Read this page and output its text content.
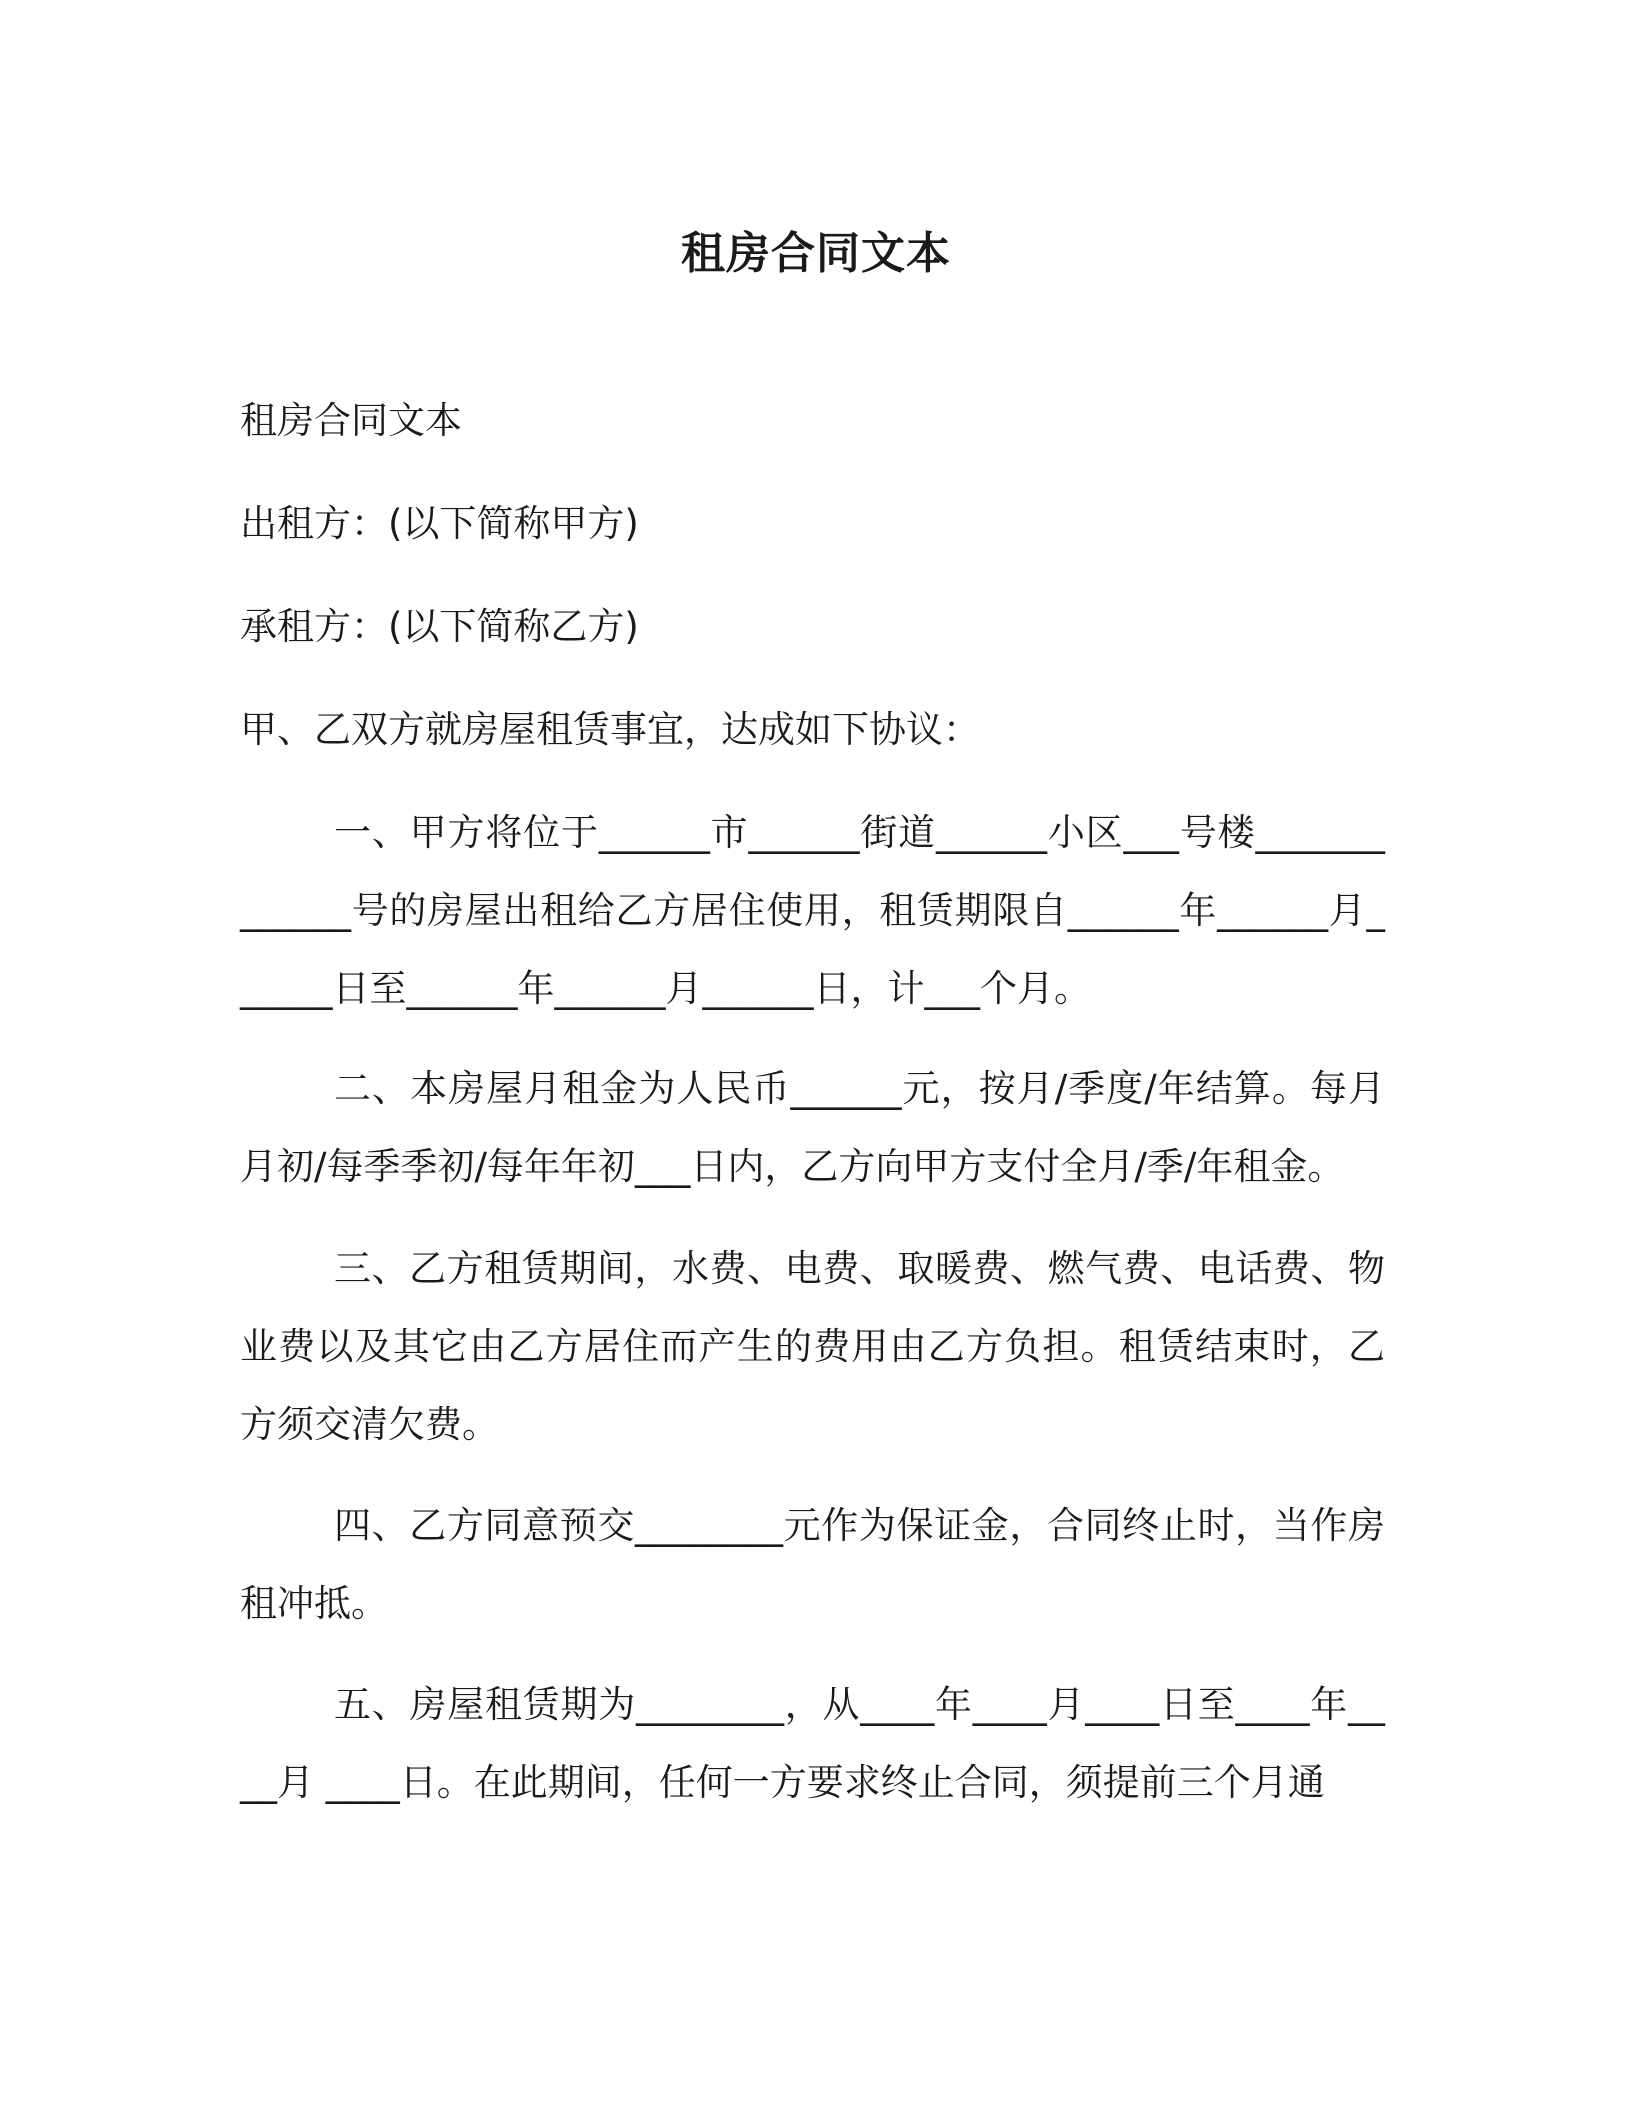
租房合同文本
租房合同文本
出租方：(以下简称甲方)
承租方：(以下简称乙方)
甲、乙双方就房屋租赁事宜，达成如下协议：
一、甲方将位于______市______街道______小区___号楼_____________号的房屋出租给乙方居住使用，租赁期限自______年______月______日至______年______月______日，计___个月。
二、本房屋月租金为人民币______元，按月/季度/年结算。每月月初/每季季初/每年年初___日内，乙方向甲方支付全月/季/年租金。
三、乙方租赁期间，水费、电费、取暖费、燃气费、电话费、物业费以及其它由乙方居住而产生的费用由乙方负担。租赁结束时，乙方须交清欠费。
四、乙方同意预交________元作为保证金，合同终止时，当作房租冲抵。
五、房屋租赁期为________，从____年____月____日至____年____月 ____日。在此期间，任何一方要求终止合同，须提前三个月通
